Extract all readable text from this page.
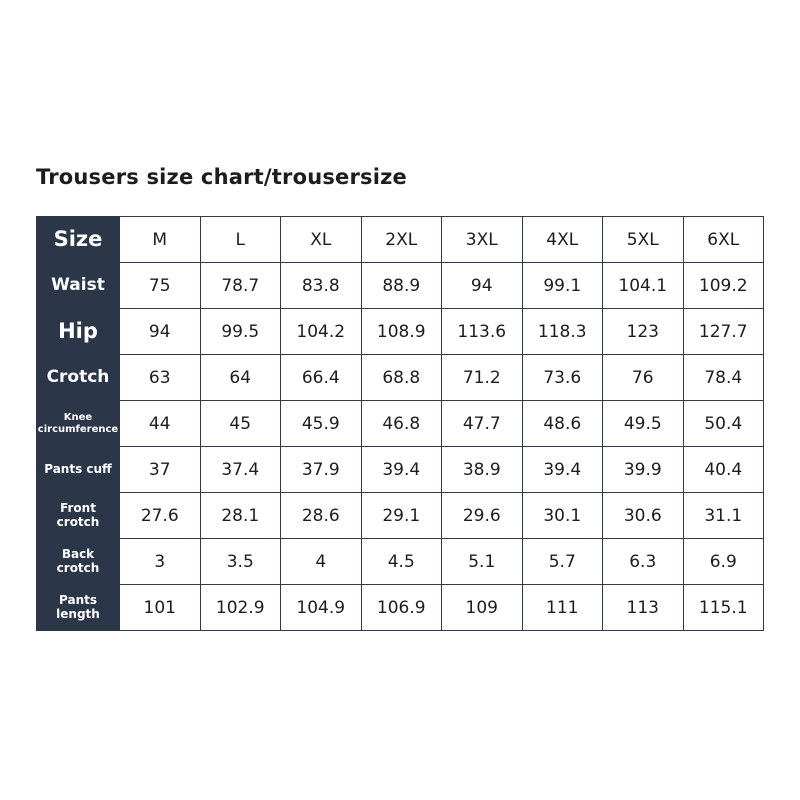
Trousers size chart/trousersize
Size	M	L	XL	2XL	3XL	4XL	5XL	6XL

Waist	75	78.7	83.8	88.9	94	99.1	104.1	109.2

Hip	94	99.5	104.2	108.9	113.6	118.3	123	127.7

Crotch	63	64	66.4	68.8	71.2	73.6	76	78.4

Knee
circumference	44	45	45.9	46.8	47.7	48.6	49.5	50.4

Pants cuff	37	37.4	37.9	39.4	38.9	39.4	39.9	40.4

Front
crotch	27.6	28.1	28.6	29.1	29.6	30.1	30.6	31.1

Back
crotch	3	3.5	4	4.5	5.1	5.7	6.3	6.9

Pants
length	101	102.9	104.9	106.9	109	111	113	115.1
